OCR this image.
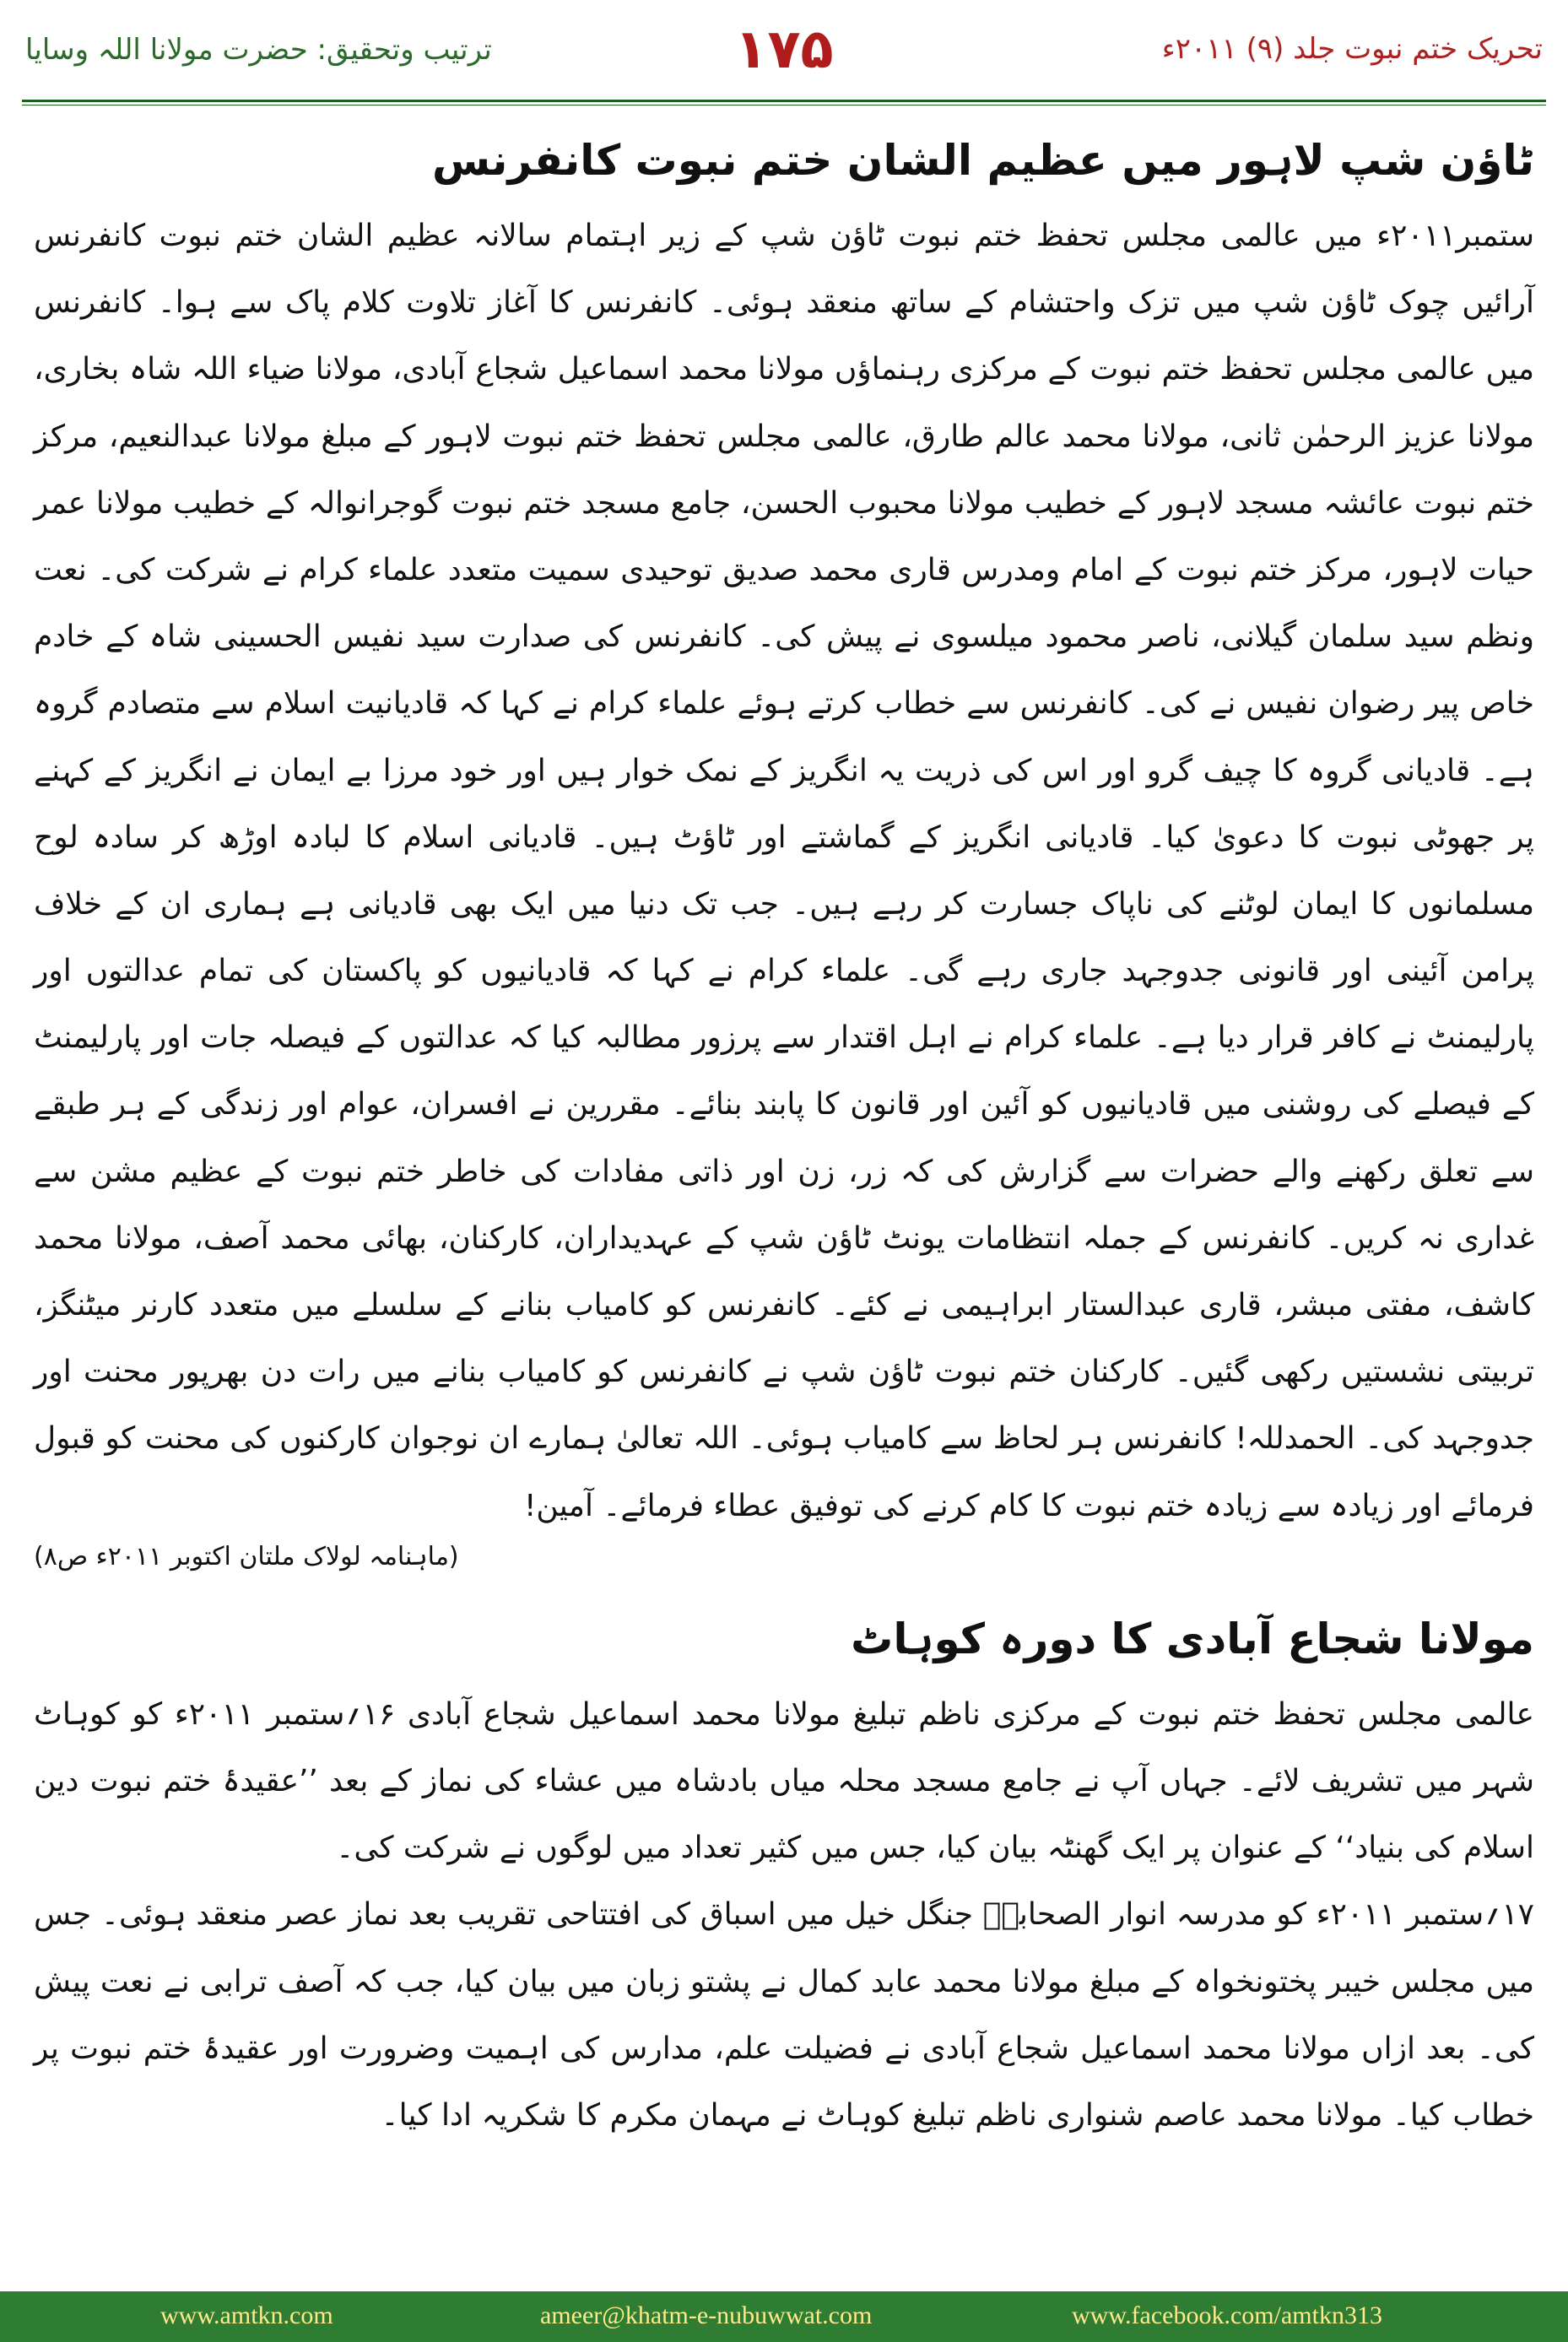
تحریک ختم نبوت جلد (۹) ۲۰۱۱ء
۱۷۵
ترتیب وتحقیق: حضرت مولانا اللہ وسایا
ٹاؤن شپ لاہور میں عظیم الشان ختم نبوت کانفرنس

ستمبر۲۰۱۱ء میں عالمی مجلس تحفظ ختم نبوت ٹاؤن شپ کے زیر اہتمام سالانہ عظیم الشان ختم نبوت کانفرنس آرائیں چوک ٹاؤن شپ میں تزک واحتشام کے ساتھ منعقد ہوئی۔ کانفرنس کا آغاز تلاوت کلام پاک سے ہوا۔ کانفرنس میں عالمی مجلس تحفظ ختم نبوت کے مرکزی رہنماؤں مولانا محمد اسماعیل شجاع آبادی، مولانا ضیاء اللہ شاہ بخاری، مولانا عزیز الرحمٰن ثانی، مولانا محمد عالم طارق، عالمی مجلس تحفظ ختم نبوت لاہور کے مبلغ مولانا عبدالنعیم، مرکز ختم نبوت عائشہ مسجد لاہور کے خطیب مولانا محبوب الحسن، جامع مسجد ختم نبوت گوجرانوالہ کے خطیب مولانا عمر حیات لاہور، مرکز ختم نبوت کے امام ومدرس قاری محمد صدیق توحیدی سمیت متعدد علماء کرام نے شرکت کی۔ نعت ونظم سید سلمان گیلانی، ناصر محمود میلسوی نے پیش کی۔ کانفرنس کی صدارت سید نفیس الحسینی شاہ کے خادم خاص پیر رضوان نفیس نے کی۔ کانفرنس سے خطاب کرتے ہوئے علماء کرام نے کہا کہ قادیانیت اسلام سے متصادم گروہ ہے۔ قادیانی گروہ کا چیف گرو اور اس کی ذریت یہ انگریز کے نمک خوار ہیں اور خود مرزا بے ایمان نے انگریز کے کہنے پر جھوٹی نبوت کا دعویٰ کیا۔ قادیانی انگریز کے گماشتے اور ٹاؤٹ ہیں۔ قادیانی اسلام کا لبادہ اوڑھ کر سادہ لوح مسلمانوں کا ایمان لوٹنے کی ناپاک جسارت کر رہے ہیں۔ جب تک دنیا میں ایک بھی قادیانی ہے ہماری ان کے خلاف پرامن آئینی اور قانونی جدوجہد جاری رہے گی۔ علماء کرام نے کہا کہ قادیانیوں کو پاکستان کی تمام عدالتوں اور پارلیمنٹ نے کافر قرار دیا ہے۔ علماء کرام نے اہل اقتدار سے پرزور مطالبہ کیا کہ عدالتوں کے فیصلہ جات اور پارلیمنٹ کے فیصلے کی روشنی میں قادیانیوں کو آئین اور قانون کا پابند بنائے۔ مقررین نے افسران، عوام اور زندگی کے ہر طبقے سے تعلق رکھنے والے حضرات سے گزارش کی کہ زر، زن اور ذاتی مفادات کی خاطر ختم نبوت کے عظیم مشن سے غداری نہ کریں۔ کانفرنس کے جملہ انتظامات یونٹ ٹاؤن شپ کے عہدیداران، کارکنان، بھائی محمد آصف، مولانا محمد کاشف، مفتی مبشر، قاری عبدالستار ابراہیمی نے کئے۔ کانفرنس کو کامیاب بنانے کے سلسلے میں متعدد کارنر میٹنگز، تربیتی نشستیں رکھی گئیں۔ کارکنان ختم نبوت ٹاؤن شپ نے کانفرنس کو کامیاب بنانے میں رات دن بھرپور محنت اور جدوجہد کی۔ الحمدللہ! کانفرنس ہر لحاظ سے کامیاب ہوئی۔ اللہ تعالیٰ ہمارے ان نوجوان کارکنوں کی محنت کو قبول فرمائے اور زیادہ سے زیادہ ختم نبوت کا کام کرنے کی توفیق عطاء فرمائے۔ آمین!

(ماہنامہ لولاک ملتان اکتوبر ۲۰۱۱ء ص۸)
مولانا شجاع آبادی کا دورہ کوہاٹ

عالمی مجلس تحفظ ختم نبوت کے مرکزی ناظم تبلیغ مولانا محمد اسماعیل شجاع آبادی ۱۶؍ستمبر ۲۰۱۱ء کو کوہاٹ شہر میں تشریف لائے۔ جہاں آپ نے جامع مسجد محلہ میاں بادشاہ میں عشاء کی نماز کے بعد ’’عقیدۂ ختم نبوت دین اسلام کی بنیاد‘‘ کے عنوان پر ایک گھنٹہ بیان کیا، جس میں کثیر تعداد میں لوگوں نے شرکت کی۔

۱۷؍ستمبر ۲۰۱۱ء کو مدرسہ انوار الصحابہؓ جنگل خیل میں اسباق کی افتتاحی تقریب بعد نماز عصر منعقد ہوئی۔ جس میں مجلس خیبر پختونخواہ کے مبلغ مولانا محمد عابد کمال نے پشتو زبان میں بیان کیا، جب کہ آصف ترابی نے نعت پیش کی۔ بعد ازاں مولانا محمد اسماعیل شجاع آبادی نے فضیلت علم، مدارس کی اہمیت وضرورت اور عقیدۂ ختم نبوت پر خطاب کیا۔ مولانا محمد عاصم شنواری ناظم تبلیغ کوہاٹ نے مہمان مکرم کا شکریہ ادا کیا۔

www.amtkn.com	ameer@khatm-e-nubuwwat.com	www.facebook.com/amtkn313
